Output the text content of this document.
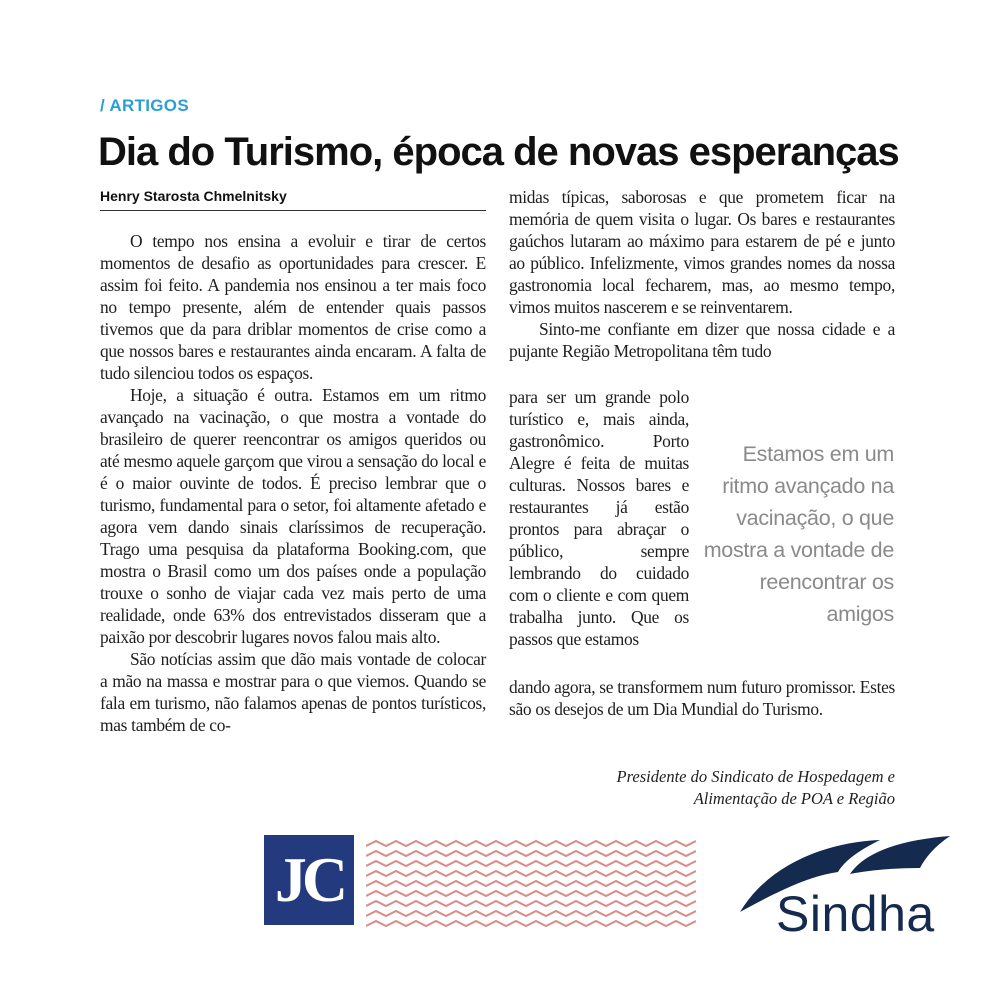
/ ARTIGOS
Dia do Turismo, época de novas esperanças
Henry Starosta Chmelnitsky

O tempo nos ensina a evoluir e tirar de certos momentos de desafio as oportunidades para crescer. E assim foi feito. A pandemia nos ensinou a ter mais foco no tempo presente, além de entender quais passos tivemos que da para driblar momentos de crise como a que nossos bares e restaurantes ainda encaram. A falta de tudo silenciou todos os espaços.

Hoje, a situação é outra. Estamos em um ritmo avançado na vacinação, o que mostra a vontade do brasileiro de querer reencontrar os amigos queridos ou até mesmo aquele garçom que virou a sensação do local e é o maior ouvinte de todos. É preciso lembrar que o turismo, fundamental para o setor, foi altamente afetado e agora vem dando sinais claríssimos de recuperação. Trago uma pesquisa da plataforma Booking.com, que mostra o Brasil como um dos países onde a população trouxe o sonho de viajar cada vez mais perto de uma realidade, onde 63% dos entrevistados disseram que a paixão por descobrir lugares novos falou mais alto.

São notícias assim que dão mais vontade de colocar a mão na massa e mostrar para o que viemos. Quando se fala em turismo, não falamos apenas de pontos turísticos, mas também de co-

midas típicas, saborosas e que prometem ficar na memória de quem visita o lugar. Os bares e restaurantes gaúchos lutaram ao máximo para estarem de pé e junto ao público. Infelizmente, vimos grandes nomes da nossa gastronomia local fecharem, mas, ao mesmo tempo, vimos muitos nascerem e se reinventarem.

Sinto-me confiante em dizer que nossa cidade e a pujante Região Metropolitana têm tudo

para ser um grande polo turístico e, mais ainda, gastronômico. Porto Alegre é feita de muitas culturas. Nossos bares e restaurantes já estão prontos para abraçar o público, sempre lembrando do cuidado com o cliente e com quem trabalha junto. Que os passos que estamos

Estamos em um ritmo avançado na vacinação, o que mostra a vontade de reencontrar os amigos

dando agora, se transformem num futuro promissor. Estes são os desejos de um Dia Mundial do Turismo.

Presidente do Sindicato de Hospedagem e
Alimentação de POA e Região
JC	Sindha
